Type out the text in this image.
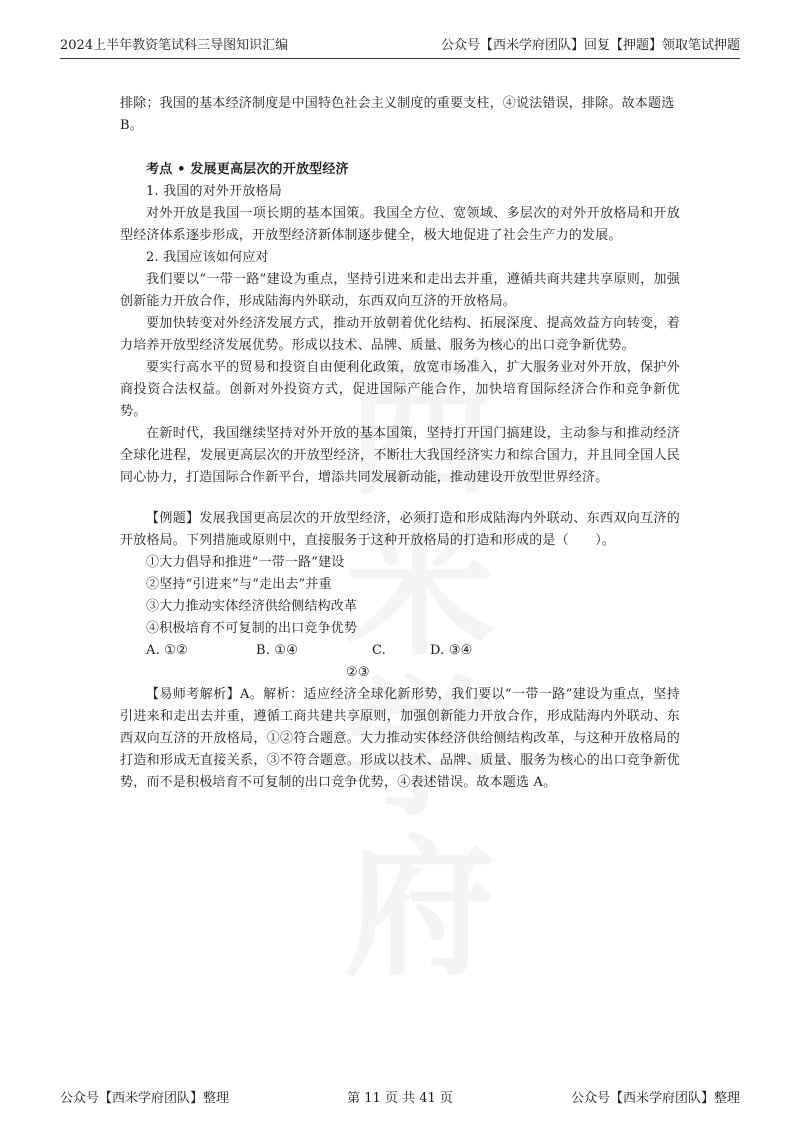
2024上半年教资笔试科三导图知识汇编	公众号【西米学府团队】回复【押题】领取笔试押题

排除；我国的基本经济制度是中国特色社会主义制度的重要支柱，④说法错误，排除。故本题选

B。

考点 • 发展更高层次的开放型经济

1. 我国的对外开放格局

对外开放是我国一项长期的基本国策。我国全方位、宽领域、多层次的对外开放格局和开放型经济体系逐步形成，开放型经济新体制逐步健全，极大地促进了社会生产力的发展。

2. 我国应该如何应对

我们要以“一带一路”建设为重点，坚持引进来和走出去并重，遵循共商共建共享原则，加强创新能力开放合作，形成陆海内外联动，东西双向互济的开放格局。

要加快转变对外经济发展方式，推动开放朝着优化结构、拓展深度、提高效益方向转变，着力培养开放型经济发展优势。形成以技术、品牌、质量、服务为核心的出口竞争新优势。

要实行高水平的贸易和投资自由便利化政策，放宽市场准入，扩大服务业对外开放，保护外商投资合法权益。创新对外投资方式，促进国际产能合作，加快培育国际经济合作和竞争新优势。

在新时代，我国继续坚持对外开放的基本国策，坚持打开国门搞建设，主动参与和推动经济全球化进程，发展更高层次的开放型经济，不断壮大我国经济实力和综合国力，并且同全国人民同心协力，打造国际合作新平台，增添共同发展新动能，推动建设开放型世界经济。

【例题】发展我国更高层次的开放型经济，必须打造和形成陆海内外联动、东西双向互济的开放格局。下列措施或原则中，直接服务于这种开放格局的打造和形成的是（　　）。

①大力倡导和推进“一带一路”建设

②坚持“引进来”与“走出去”并重

③大力推动实体经济供给侧结构改革

④积极培育不可复制的出口竞争优势

A. ①②	B. ①④	C. ②③
D. ③④

【易师考解析】A。解析：适应经济全球化新形势，我们要以“一带一路”建设为重点，坚持引进来和走出去并重，遵循工商共建共享原则，加强创新能力开放合作，形成陆海内外联动、东西双向互济的开放格局，①②符合题意。大力推动实体经济供给侧结构改革，与这种开放格局的打造和形成无直接关系，③不符合题意。形成以技术、品牌、质量、服务为核心的出口竞争新优势，而不是积极培育不可复制的出口竞争优势，④表述错误。故本题选 A。

公众号【西米学府团队】整理	第 11 页 共 41 页	公众号【西米学府团队】整理
